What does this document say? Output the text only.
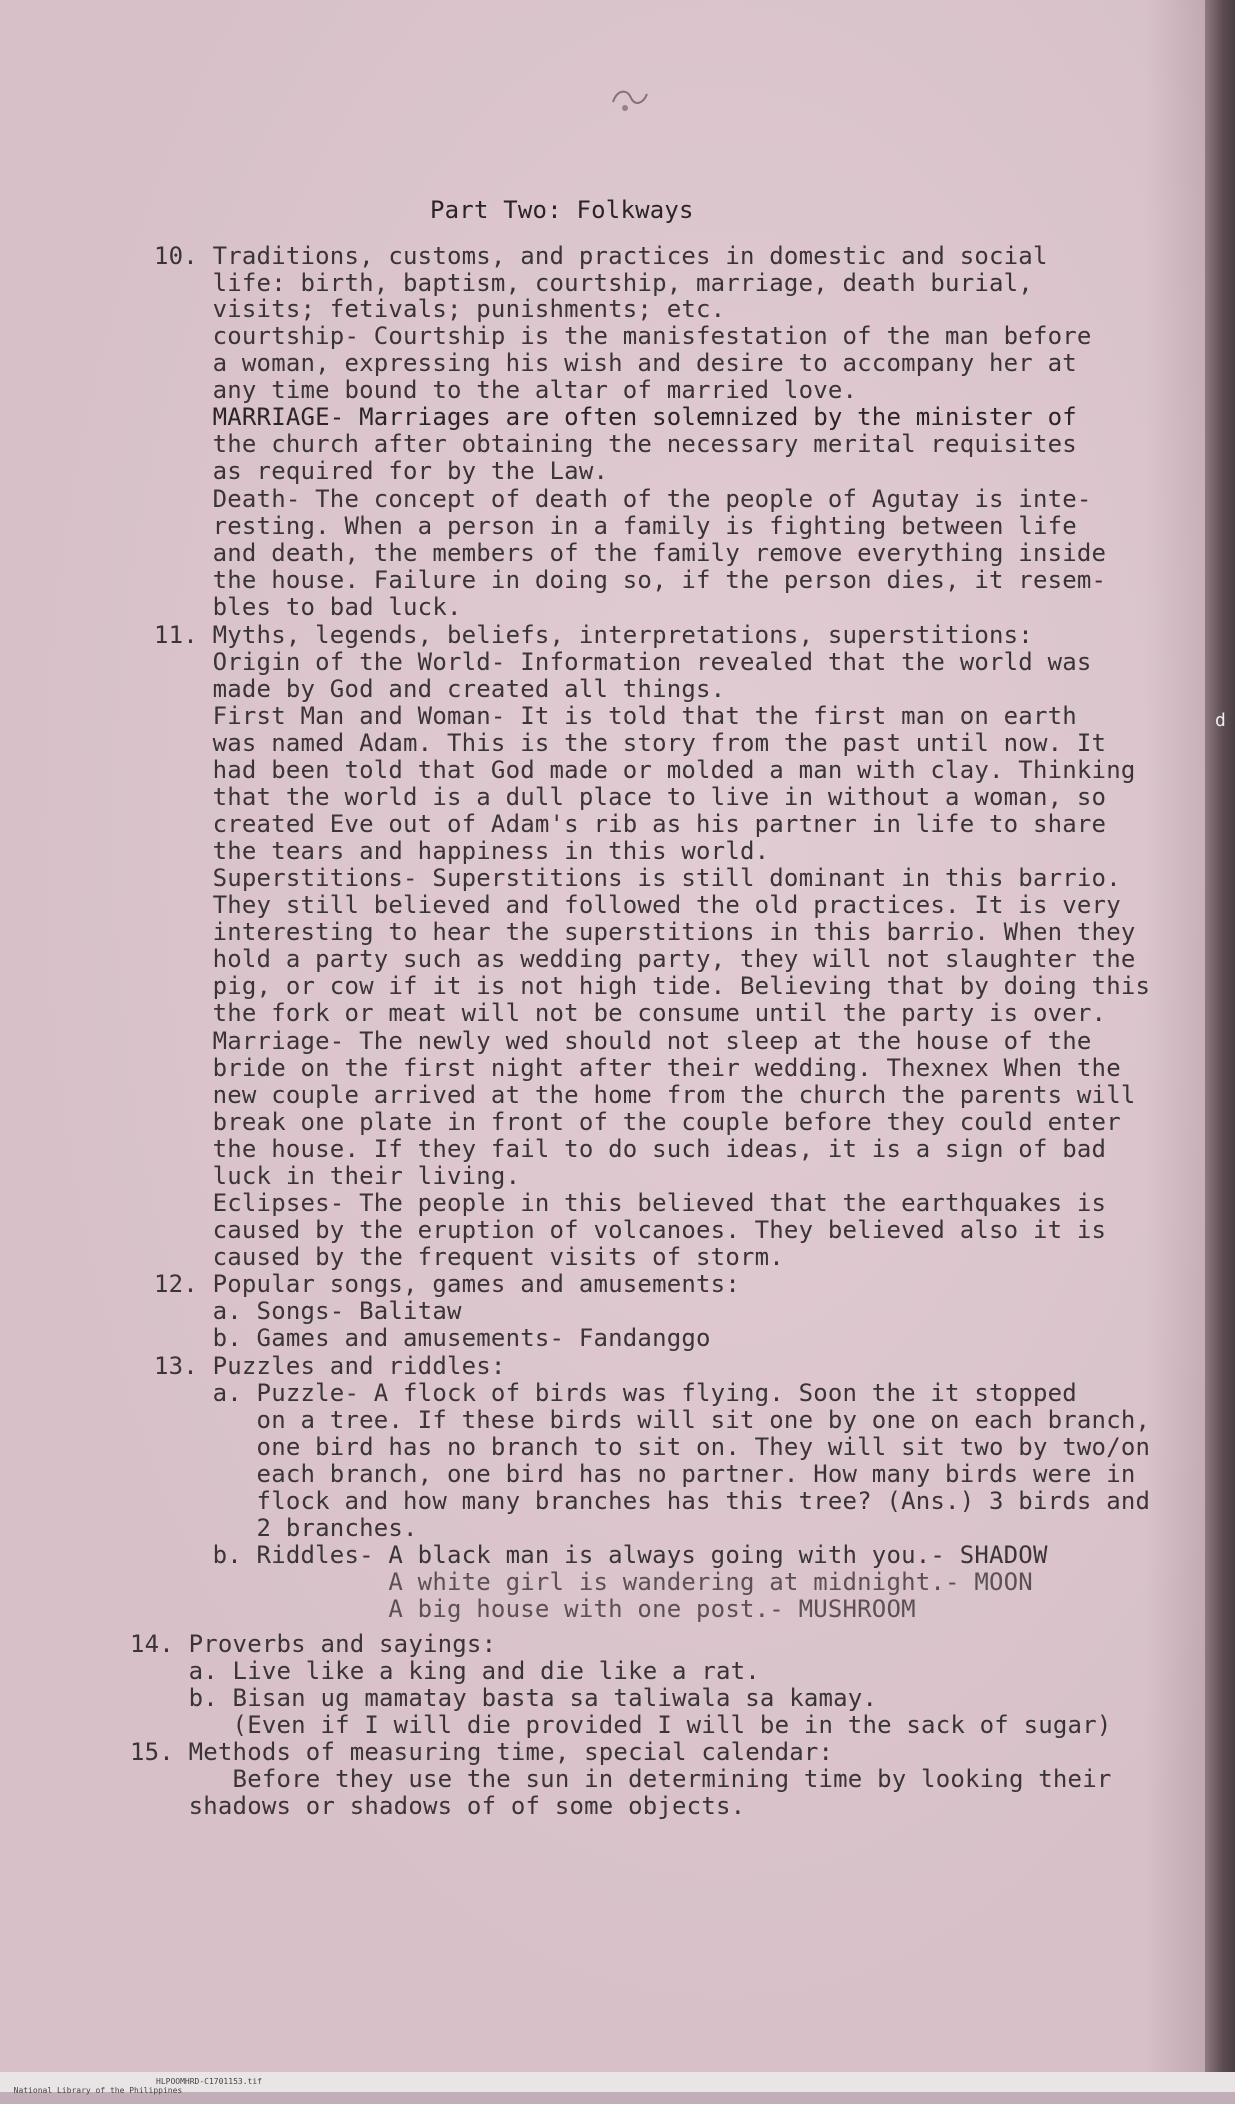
d
Part Two: Folkways
10. Traditions, customs, and practices in domestic and social
life: birth, baptism, courtship, marriage, death burial,
visits; fetivals; punishments; etc.
courtship- Courtship is the manisfestation of the man before
a woman, expressing his wish and desire to accompany her at
any time bound to the altar of married love.
MARRIAGE- Marriages are often solemnized by the minister of
the church after obtaining the necessary merital requisites
as required for by the Law.
Death- The concept of death of the people of Agutay is inte-
resting. When a person in a family is fighting between life
and death, the members of the family remove everything inside
the house. Failure in doing so, if the person dies, it resem-
bles to bad luck.
11. Myths, legends, beliefs, interpretations, superstitions:
Origin of the World- Information revealed that the world was
made by God and created all things.
First Man and Woman- It is told that the first man on earth
was named Adam. This is the story from the past until now. It
had been told that God made or molded a man with clay. Thinking
that the world is a dull place to live in without a woman, so
created Eve out of Adam's rib as his partner in life to share
the tears and happiness in this world.
Superstitions- Superstitions is still dominant in this barrio.
They still believed and followed the old practices. It is very
interesting to hear the superstitions in this barrio. When they
hold a party such as wedding party, they will not slaughter the
pig, or cow if it is not high tide. Believing that by doing this
the fork or meat will not be consume until the party is over.
Marriage- The newly wed should not sleep at the house of the
bride on the first night after their wedding. Thexnex When the
new couple arrived at the home from the church the parents will
break one plate in front of the couple before they could enter
the house. If they fail to do such ideas, it is a sign of bad
luck in their living.
Eclipses- The people in this believed that the earthquakes is
caused by the eruption of volcanoes. They believed also it is
caused by the frequent visits of storm.
12. Popular songs, games and amusements:
a. Songs- Balitaw
b. Games and amusements- Fandanggo
13. Puzzles and riddles:
a. Puzzle- A flock of birds was flying. Soon the it stopped
on a tree. If these birds will sit one by one on each branch,
one bird has no branch to sit on. They will sit two by two/on
each branch, one bird has no partner. How many birds were in
flock and how many branches has this tree? (Ans.) 3 birds and
2 branches.
b. Riddles- A black man is always going with you.- SHADOW
A white girl is wandering at midnight.- MOON
A big house with one post.- MUSHROOM
14. Proverbs and sayings:
a. Live like a king and die like a rat.
b. Bisan ug mamatay basta sa taliwala sa kamay.
(Even if I will die provided I will be in the sack of sugar)
15. Methods of measuring time, special calendar:
Before they use the sun in determining time by looking their
shadows or shadows of of some objects.

National Library of the Philippines

HLPOOMHRD-C1701153.tif
